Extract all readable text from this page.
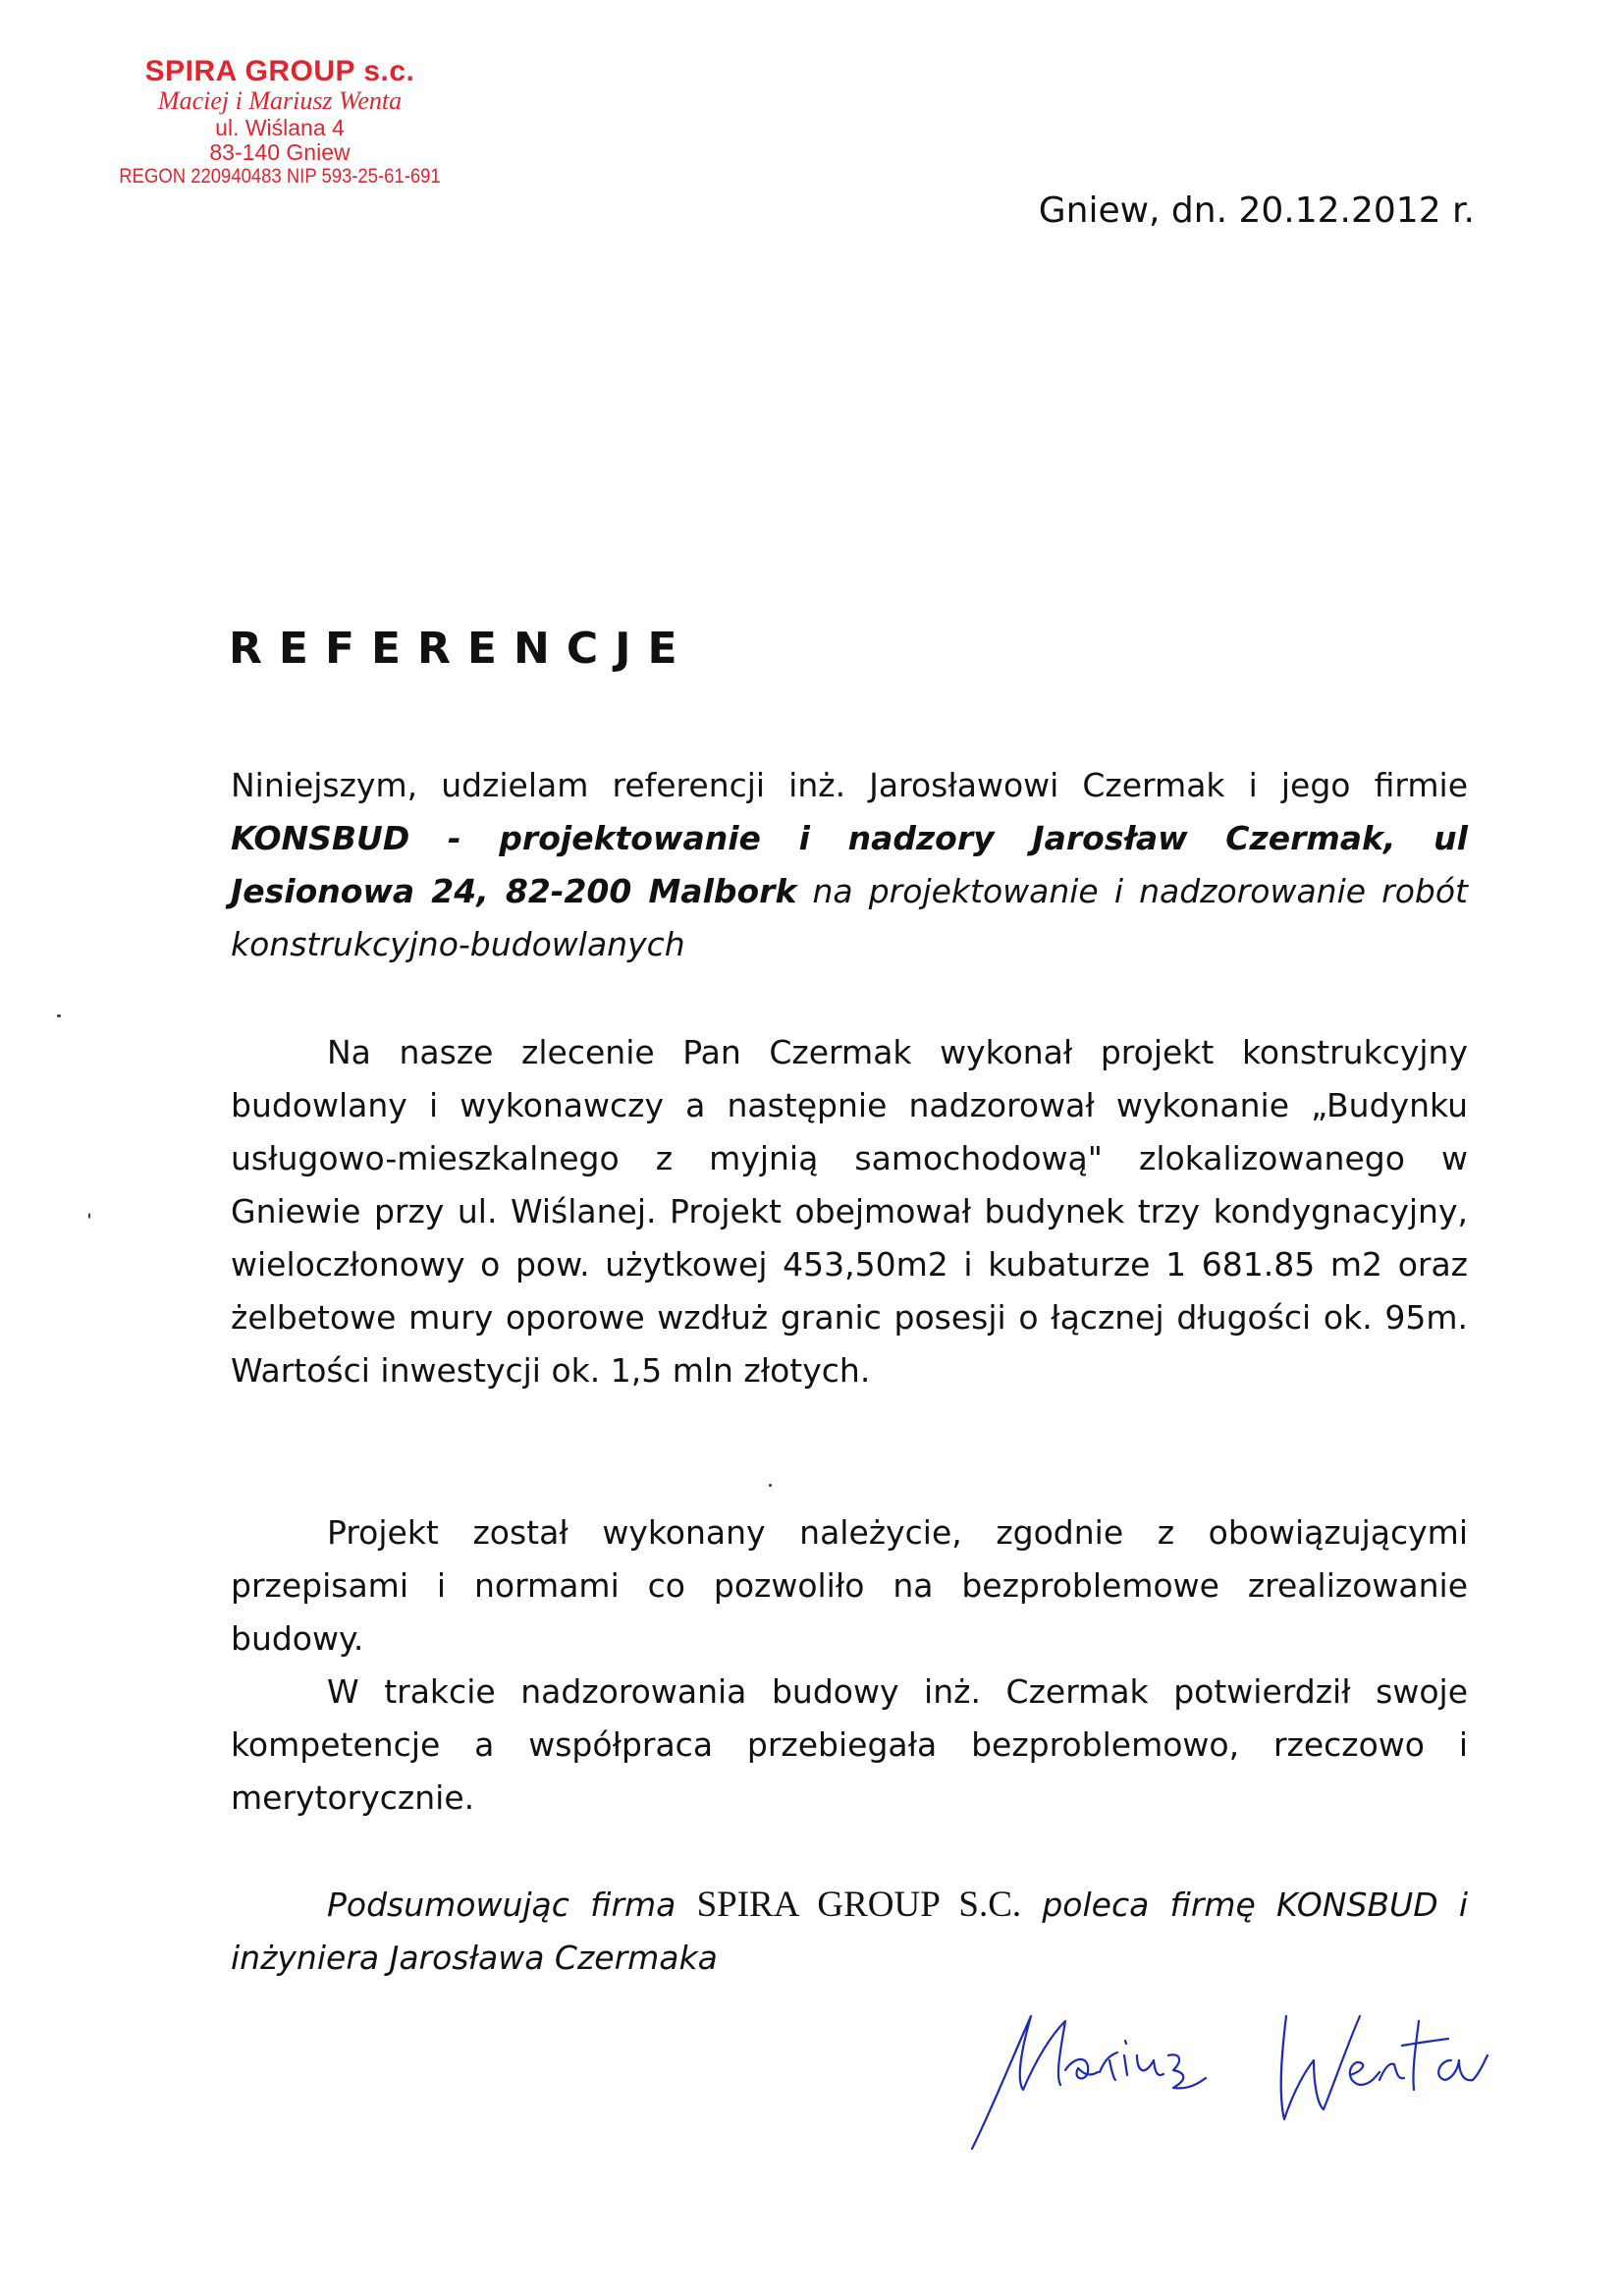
SPIRA GROUP s.c.
Maciej i Mariusz Wenta
ul. Wiślana 4
83-140 Gniew
REGON 220940483 NIP 593-25-61-691
Gniew, dn. 20.12.2012 r.
REFERENCJE
Niniejszym, udzielam referencji inż. Jarosławowi Czermak i jego firmie KONSBUD - projektowanie i nadzory Jarosław Czermak, ul Jesionowa 24, 82-200 Malbork na projektowanie i nadzorowanie robót konstrukcyjno-budowlanych
Na nasze zlecenie Pan Czermak wykonał projekt konstrukcyjny budowlany i wykonawczy a następnie nadzorował wykonanie „Budynku usługowo-mieszkalnego z myjnią samochodową" zlokalizowanego w Gniewie przy ul. Wiślanej. Projekt obejmował budynek trzy kondygnacyjny, wieloczłonowy o pow. użytkowej 453,50m2 i kubaturze 1 681.85 m2 oraz żelbetowe mury oporowe wzdłuż granic posesji o łącznej długości ok. 95m. Wartości inwestycji ok. 1,5 mln złotych.
Projekt został wykonany należycie, zgodnie z obowiązującymi przepisami i normami co pozwoliło na bezproblemowe zrealizowanie budowy.
W trakcie nadzorowania budowy inż. Czermak potwierdził swoje kompetencje a współpraca przebiegała bezproblemowo, rzeczowo i merytorycznie.
Podsumowując firma SPIRA GROUP S.C. poleca firmę KONSBUD i inżyniera Jarosława Czermaka
